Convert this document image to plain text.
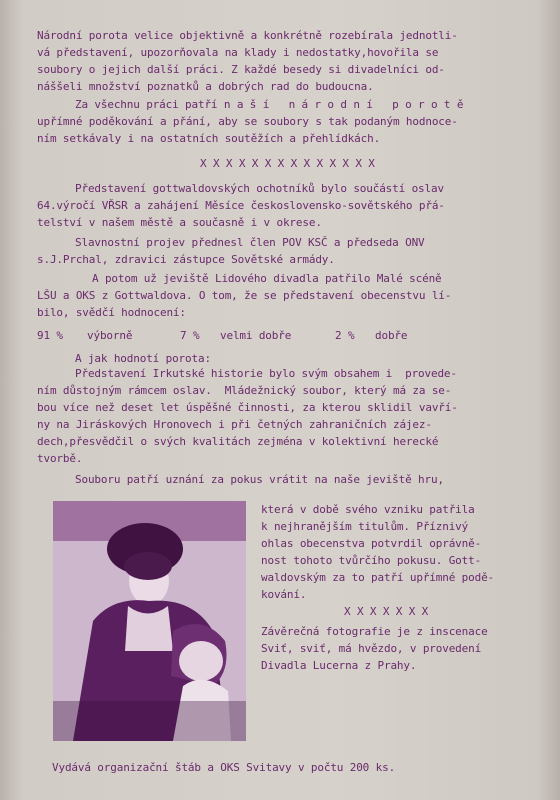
Národní porota velice objektivně a konkrétně rozebírala jednotli-
vá představení, upozorňovala na klady i nedostatky,hovořila se
soubory o jejich další práci. Z každé besedy si divadelníci od-
náššeli množství poznatků a dobrých rad do budoucna.
Za všechnu práci patří n a š í   n á r o d n í   p o r o t ě
upřímné poděkování a přání, aby se soubory s tak podaným hodnoce-
ním setkávaly i na ostatních soutěžích a přehlídkách.
X X X X X X X X X X X X X X
Představení gottwaldovských ochotníků bylo součástí oslav
64.výročí VŘSR a zahájení Měsíce československo-sovětského přá-
telství v našem městě a současně i v okrese.
Slavnostní projev přednesl člen POV KSČ a předseda ONV
s.J.Prchal, zdravici zástupce Sovětské armády.
A potom už jeviště Lidového divadla patřilo Malé scéně
LŠU a OKS z Gottwaldova. O tom, že se představení obecenstvu lí-
bilo, svědčí hodnocení:
91 % výborně	7 % velmi dobře	2 % dobře
A jak hodnotí porota:
Představení Irkutské historie bylo svým obsahem i  provede-
ním důstojným rámcem oslav.  Mládežnický soubor, který má za se-
bou více než deset let úspěšné činnosti, za kterou sklidil vavří-
ny na Jiráskových Hronovech i při četných zahraničních zájez-
dech,přesvědčil o svých kvalitách zejména v kolektivní herecké
tvorbě.
Souboru patří uznání za pokus vrátit na naše jeviště hru,
která v době svého vzniku patřila
k nejhranějším titulům. Příznivý
ohlas obecenstva potvrdil oprávně-
nost tohoto tvůrčího pokusu. Gott-
waldovským za to patří upřímné podě-
kování.
X X X X X X X
Závěrečná fotografie je z inscenace
Sviť, sviť, má hvězdo, v provedení
Divadla Lucerna z Prahy.
Vydává organizační štáb a OKS Svitavy v počtu 200 ks.
